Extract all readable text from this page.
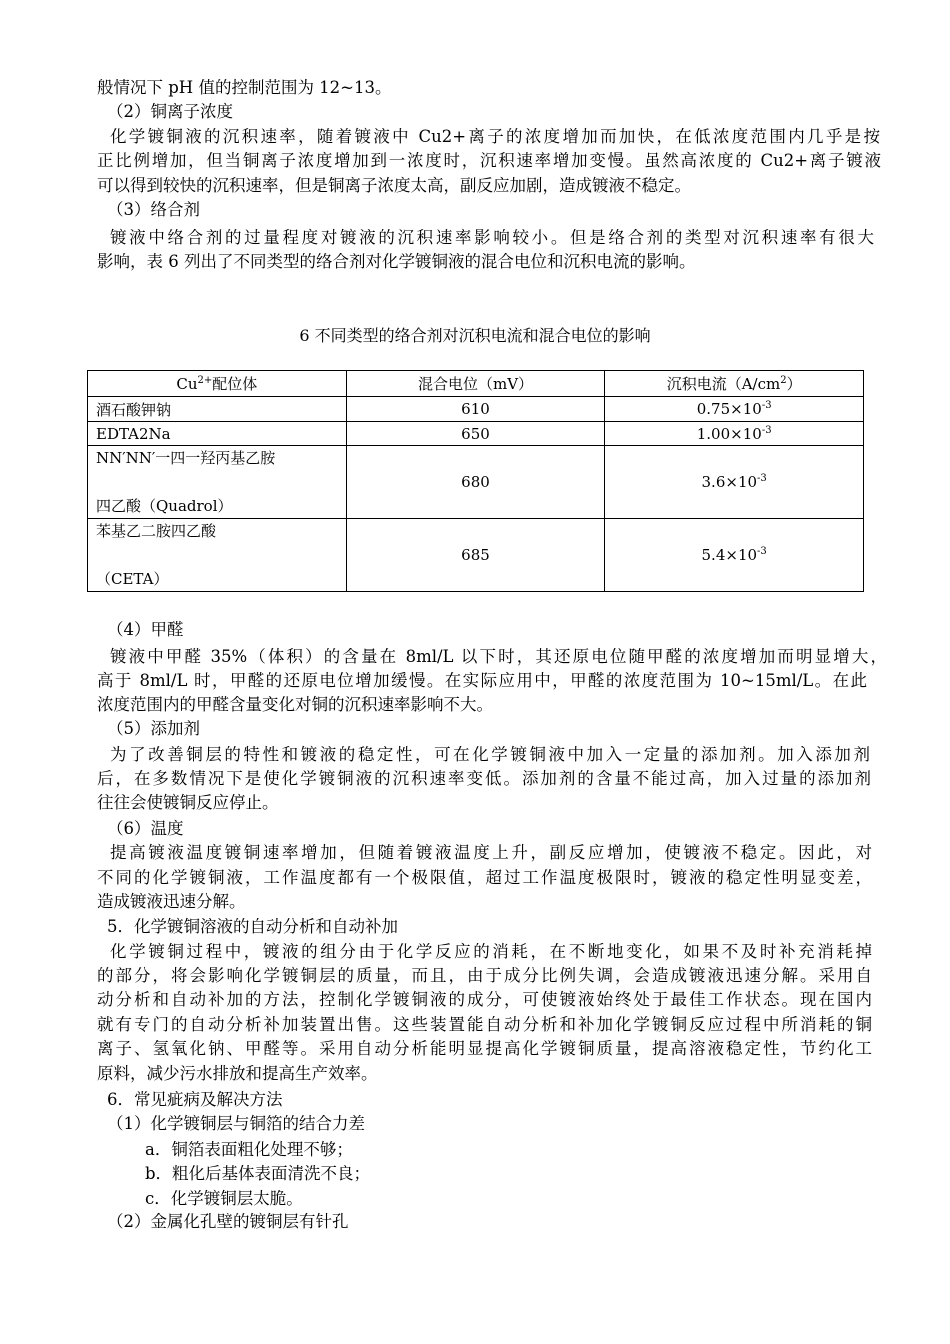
般情况下 pH 值的控制范围为 12~13。
（2）铜离子浓度
化学镀铜液的沉积速率，随着镀液中 Cu2+离子的浓度增加而加快，在低浓度范围内几乎是按
正比例增加，但当铜离子浓度增加到一浓度时，沉积速率增加变慢。虽然高浓度的 Cu2+离子镀液
可以得到较快的沉积速率，但是铜离子浓度太高，副反应加剧，造成镀液不稳定。
（3）络合剂
镀液中络合剂的过量程度对镀液的沉积速率影响较小。但是络合剂的类型对沉积速率有很大
影响，表 6 列出了不同类型的络合剂对化学镀铜液的混合电位和沉积电流的影响。
6 不同类型的络合剂对沉积电流和混合电位的影响
$Cu^{2+}$配位体	混合电位（mV）	沉积电流$(A/cm^2)$
酒石酸钾钠	610	$0.75\times 10^{-3}$
EDTA2Na	650	$1.00\times 10^{-3}$

NN′NN′一四一羟丙基乙胺
四乙酸（Quadrol）	680	$3.6\times 10^{-3}$

苯基乙二胺四乙酸
（CETA）	685	$5.4\times 10^{-3}$
（4）甲醛
镀液中甲醛 35%（体积）的含量在 8ml/L 以下时，其还原电位随甲醛的浓度增加而明显增大，
高于 8ml/L 时，甲醛的还原电位增加缓慢。在实际应用中，甲醛的浓度范围为 10~15ml/L。在此
浓度范围内的甲醛含量变化对铜的沉积速率影响不大。
（5）添加剂
为了改善铜层的特性和镀液的稳定性，可在化学镀铜液中加入一定量的添加剂。加入添加剂
后，在多数情况下是使化学镀铜液的沉积速率变低。添加剂的含量不能过高，加入过量的添加剂
往往会使镀铜反应停止。
（6）温度
提高镀液温度镀铜速率增加，但随着镀液温度上升，副反应增加，使镀液不稳定。因此，对
不同的化学镀铜液，工作温度都有一个极限值，超过工作温度极限时，镀液的稳定性明显变差，
造成镀液迅速分解。
5．化学镀铜溶液的自动分析和自动补加
化学镀铜过程中，镀液的组分由于化学反应的消耗，在不断地变化，如果不及时补充消耗掉
的部分，将会影响化学镀铜层的质量，而且，由于成分比例失调，会造成镀液迅速分解。采用自
动分析和自动补加的方法，控制化学镀铜液的成分，可使镀液始终处于最佳工作状态。现在国内
就有专门的自动分析补加装置出售。这些装置能自动分析和补加化学镀铜反应过程中所消耗的铜
离子、氢氧化钠、甲醛等。采用自动分析能明显提高化学镀铜质量，提高溶液稳定性，节约化工
原料，减少污水排放和提高生产效率。
6．常见疵病及解决方法
（1）化学镀铜层与铜箔的结合力差
a．铜箔表面粗化处理不够；
b．粗化后基体表面清洗不良；
c．化学镀铜层太脆。
（2）金属化孔壁的镀铜层有针孔
